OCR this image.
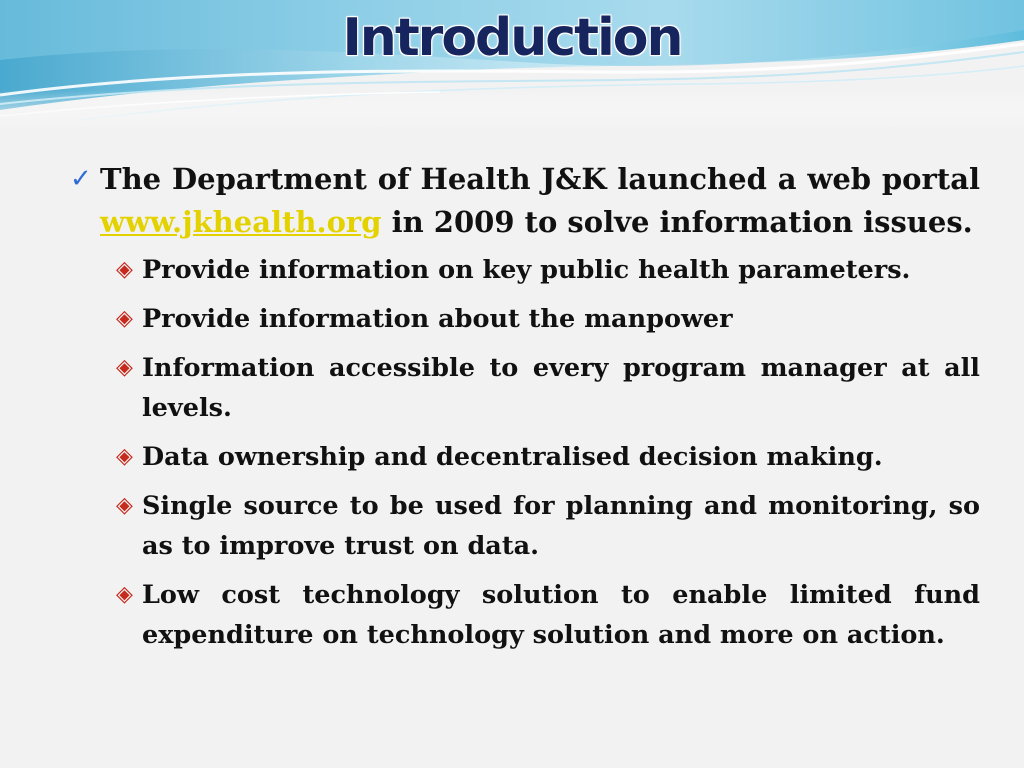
Introduction
✓ The Department of Health J&K launched a web portal www.jkhealth.org in 2009 to solve information issues.
◈ Provide information on key public health parameters.
◈ Provide information about the manpower
◈ Information accessible to every program manager at all levels.
◈ Data ownership and decentralised decision making.
◈ Single source to be used for planning and monitoring, so as to improve trust on data.
◈ Low cost technology solution to enable limited fund expenditure on technology solution and more on action.
